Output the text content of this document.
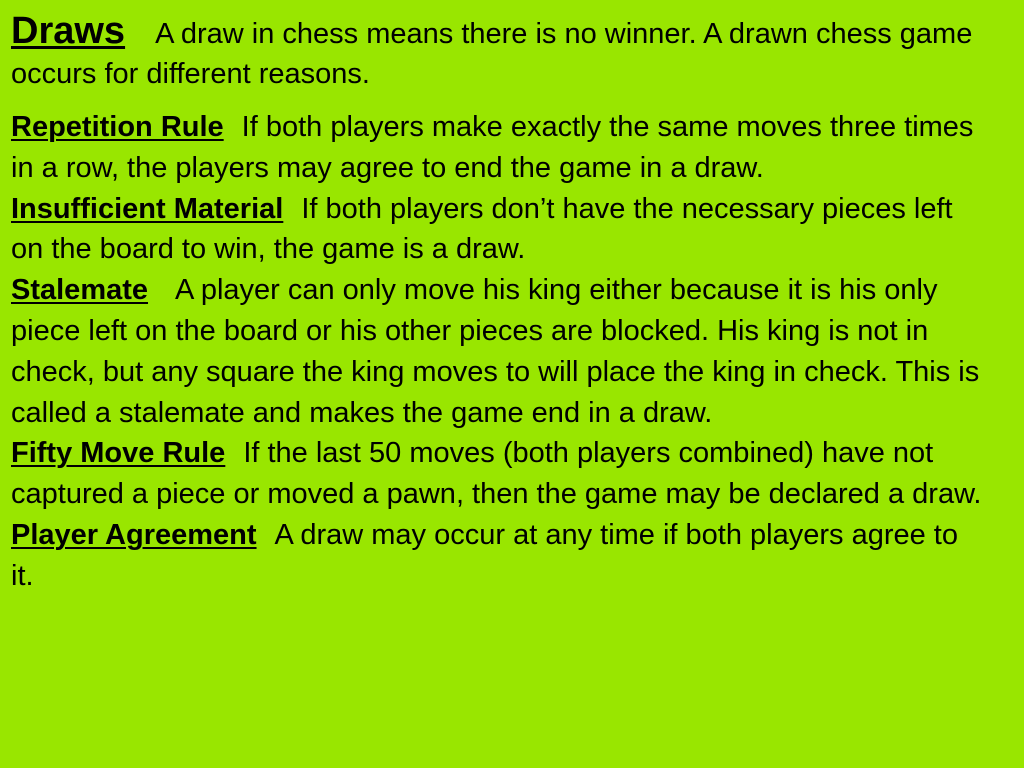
Draws A draw in chess means there is no winner. A drawn chess game occurs for different reasons.

Repetition Rule If both players make exactly the same moves three times in a row, the players may agree to end the game in a draw.

Insufficient Material If both players don’t have the necessary pieces left on the board to win, the game is a draw.

Stalemate A player can only move his king either because it is his only piece left on the board or his other pieces are blocked. His king is not in check, but any square the king moves to will place the king in check. This is called a stalemate and makes the game end in a draw.

Fifty Move Rule If the last 50 moves (both players combined) have not captured a piece or moved a pawn, then the game may be declared a draw.

Player Agreement A draw may occur at any time if both players agree to it.
